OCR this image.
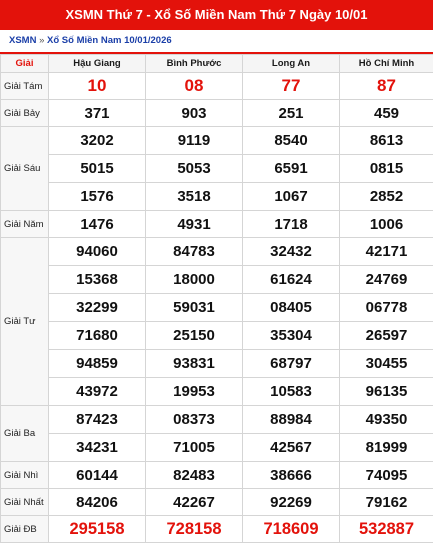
XSMN Thứ 7 - Xổ Số Miền Nam Thứ 7 Ngày 10/01
XSMN » Xổ Số Miền Nam 10/01/2026
Giải	Hậu Giang	Bình Phước	Long An	Hồ Chí Minh
Giải Tám	10	08	77	87
Giải Bảy	371	903	251	459
Giải Sáu	3202	9119	8540	8613
	5015	5053	6591	0815
	1576	3518	1067	2852
Giải Năm	1476	4931	1718	1006
Giải Tư	94060	84783	32432	42171
	15368	18000	61624	24769
	32299	59031	08405	06778
	71680	25150	35304	26597
	94859	93831	68797	30455
	43972	19953	10583	96135
Giải Ba	87423	08373	88984	49350
	34231	71005	42567	81999
Giải Nhì	60144	82483	38666	74095
Giải Nhất	84206	42267	92269	79162
Giải ĐB	295158	728158	718609	532887
